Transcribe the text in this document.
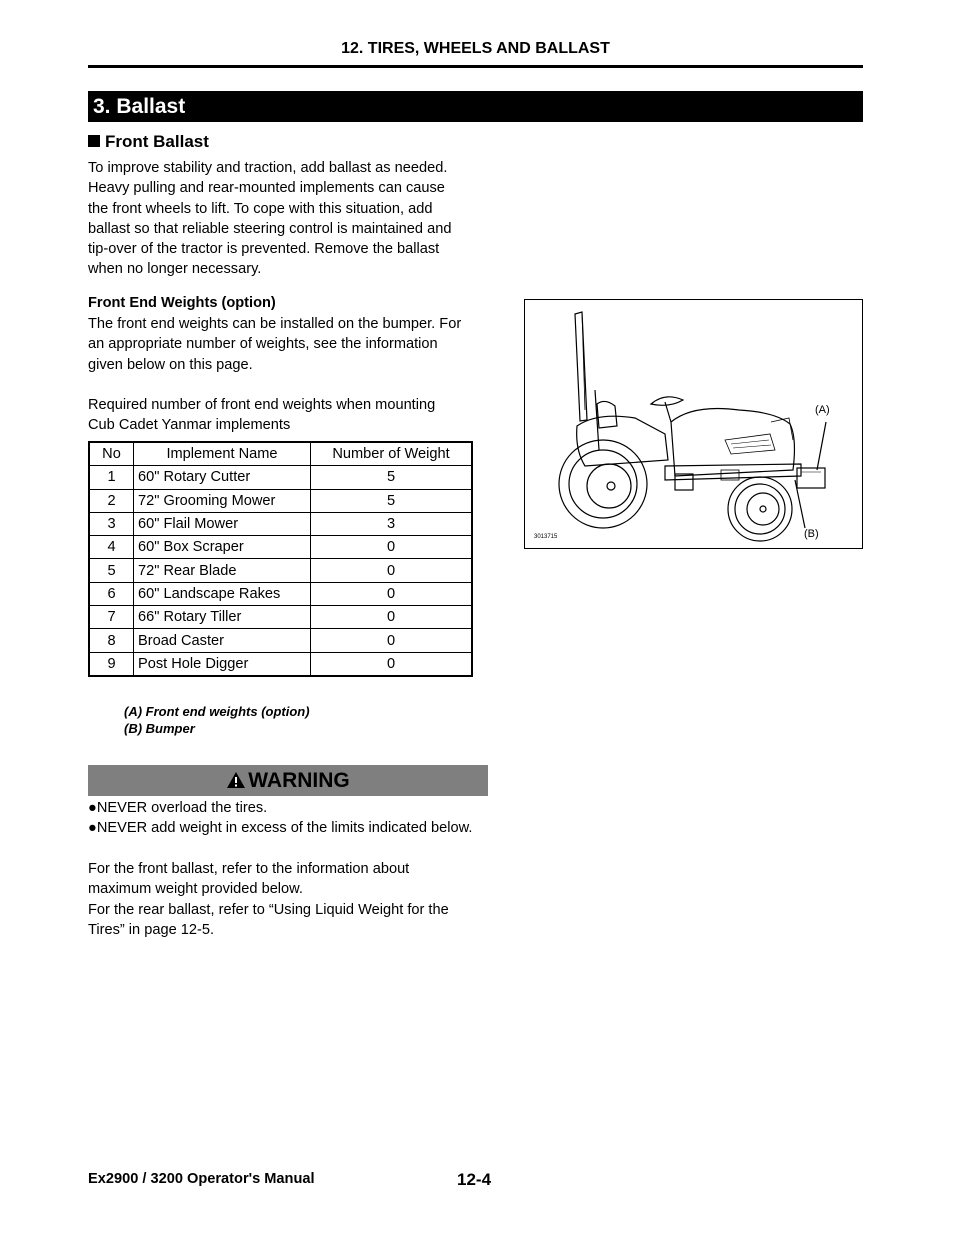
12. TIRES, WHEELS AND BALLAST
3. Ballast
Front Ballast
To improve stability and traction, add ballast as needed.
Heavy pulling and rear-mounted implements can cause
the front wheels to lift. To cope with this situation, add
ballast so that reliable steering control is maintained and
tip-over of the tractor is prevented. Remove the ballast
when no longer necessary.
Front End Weights (option)
The front end weights can be installed on the bumper. For
an appropriate number of weights, see the information
given below on this page.
Required number of front end weights when mounting
Cub Cadet Yanmar implements
No	Implement Name	Number of Weight
1	60" Rotary Cutter	5
2	72" Grooming Mower	5
3	60" Flail Mower	3
4	60" Box Scraper	0
5	72" Rear Blade	0
6	60" Landscape Rakes	0
7	66" Rotary Tiller	0
8	Broad Caster	0
9	Post Hole Digger	0
(A)
(B)
3013715
(A) Front end weights (option)
(B) Bumper
WARNING
●NEVER overload the tires.
●NEVER add weight in excess of the limits indicated below.
For the front ballast, refer to the information about
maximum weight provided below.
For the rear ballast, refer to “Using Liquid Weight for the
Tires” in page 12-5.
Ex2900 / 3200 Operator's Manual	12-4
